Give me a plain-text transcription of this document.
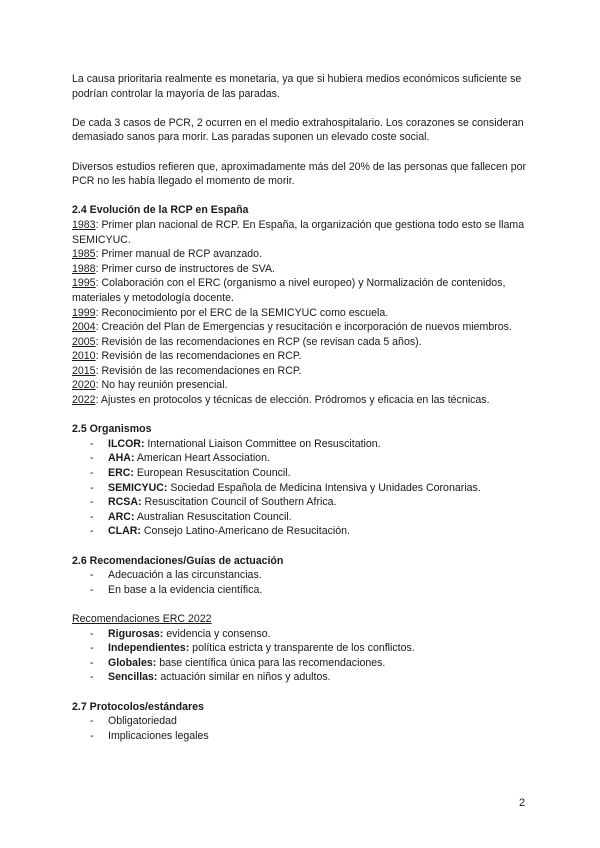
La causa prioritaria realmente es monetaria, ya que si hubiera medios económicos suficiente se podrían controlar la mayoría de las paradas.

De cada 3 casos de PCR, 2 ocurren en el medio extrahospitalario. Los corazones se consideran demasiado sanos para morir. Las paradas suponen un elevado coste social.

Diversos estudios refieren que, aproximadamente más del 20% de las personas que fallecen por PCR no les había llegado el momento de morir.

2.4 Evolución de la RCP en España
1983: Primer plan nacional de RCP. En España, la organización que gestiona todo esto se llama SEMICYUC.
1985: Primer manual de RCP avanzado.
1988: Primer curso de instructores de SVA.
1995: Colaboración con el ERC (organismo a nivel europeo) y Normalización de contenidos, materiales y metodología docente.
1999: Reconocimiento por el ERC de la SEMICYUC como escuela.
2004: Creación del Plan de Emergencias y resucitación e incorporación de nuevos miembros.
2005: Revisión de las recomendaciones en RCP (se revisan cada 5 años).
2010: Revisión de las recomendaciones en RCP.
2015: Revisión de las recomendaciones en RCP.
2020: No hay reunión presencial.
2022: Ajustes en protocolos y técnicas de elección. Pródromos y eficacia en las técnicas.
2.5 Organismos
- ILCOR: International Liaison Committee on Resuscitation.
- AHA: American Heart Association.
- ERC: European Resuscitation Council.
- SEMICYUC: Sociedad Española de Medicina Intensiva y Unidades Coronarias.
- RCSA: Resuscitation Council of Southern Africa.
- ARC: Australian Resuscitation Council.
- CLAR: Consejo Latino-Americano de Resucitación.
2.6 Recomendaciones/Guías de actuación
- Adecuación a las circunstancias.
- En base a la evidencia científica.
Recomendaciones ERC 2022
- Rigurosas: evidencia y consenso.
- Independientes: política estricta y transparente de los conflictos.
- Globales: base científica única para las recomendaciones.
- Sencillas: actuación similar en niños y adultos.
2.7 Protocolos/estándares
- Obligatoriedad
- Implicaciones legales
2
